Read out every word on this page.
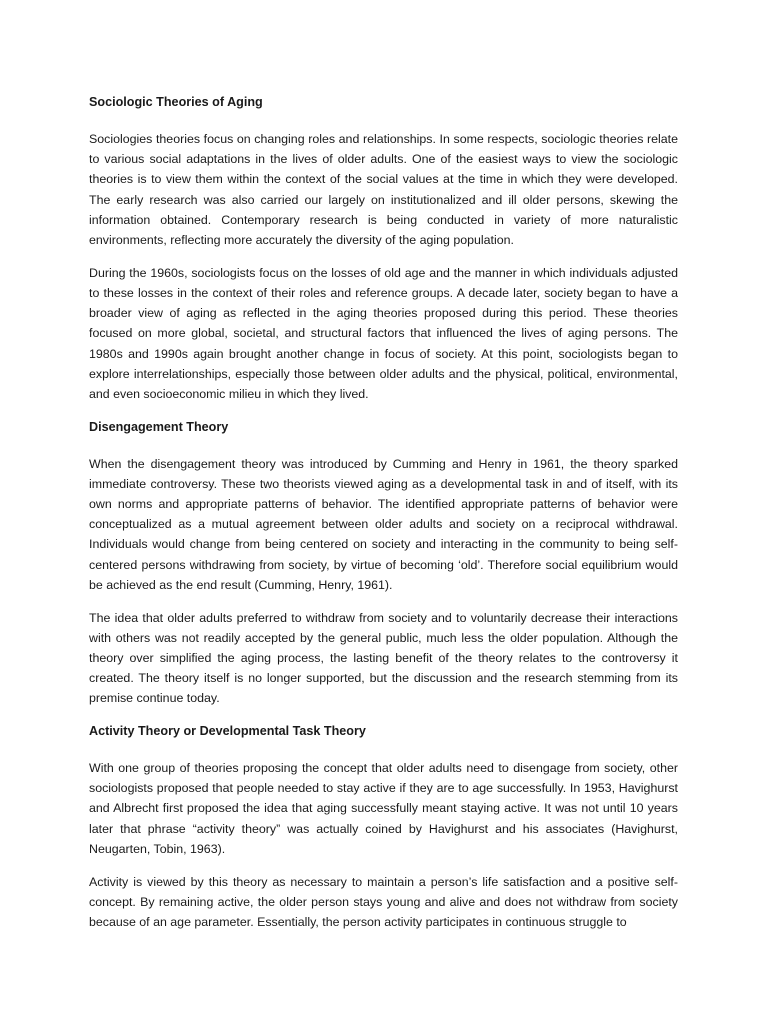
Sociologic Theories of Aging

Sociologies theories focus on changing roles and relationships. In some respects, sociologic theories relate to various social adaptations in the lives of older adults. One of the easiest ways to view the sociologic theories is to view them within the context of the social values at the time in which they were developed. The early research was also carried our largely on institutionalized and ill older persons, skewing the information obtained. Contemporary research is being conducted in variety of more naturalistic environments, reflecting more accurately the diversity of the aging population.

During the 1960s, sociologists focus on the losses of old age and the manner in which individuals adjusted to these losses in the context of their roles and reference groups. A decade later, society began to have a broader view of aging as reflected in the aging theories proposed during this period. These theories focused on more global, societal, and structural factors that influenced the lives of aging persons. The 1980s and 1990s again brought another change in focus of society. At this point, sociologists began to explore interrelationships, especially those between older adults and the physical, political, environmental, and even socioeconomic milieu in which they lived.

Disengagement Theory

When the disengagement theory was introduced by Cumming and Henry in 1961, the theory sparked immediate controversy. These two theorists viewed aging as a developmental task in and of itself, with its own norms and appropriate patterns of behavior. The identified appropriate patterns of behavior were conceptualized as a mutual agreement between older adults and society on a reciprocal withdrawal. Individuals would change from being centered on society and interacting in the community to being self-centered persons withdrawing from society, by virtue of becoming ‘old’. Therefore social equilibrium would be achieved as the end result (Cumming, Henry, 1961).

The idea that older adults preferred to withdraw from society and to voluntarily decrease their interactions with others was not readily accepted by the general public, much less the older population. Although the theory over simplified the aging process, the lasting benefit of the theory relates to the controversy it created. The theory itself is no longer supported, but the discussion and the research stemming from its premise continue today.

Activity Theory or Developmental Task Theory

With one group of theories proposing the concept that older adults need to disengage from society, other sociologists proposed that people needed to stay active if they are to age successfully. In 1953, Havighurst and Albrecht first proposed the idea that aging successfully meant staying active. It was not until 10 years later that phrase “activity theory” was actually coined by Havighurst and his associates (Havighurst, Neugarten, Tobin, 1963).

Activity is viewed by this theory as necessary to maintain a person’s life satisfaction and a positive self-concept. By remaining active, the older person stays young and alive and does not withdraw from society because of an age parameter. Essentially, the person activity participates in continuous struggle to
